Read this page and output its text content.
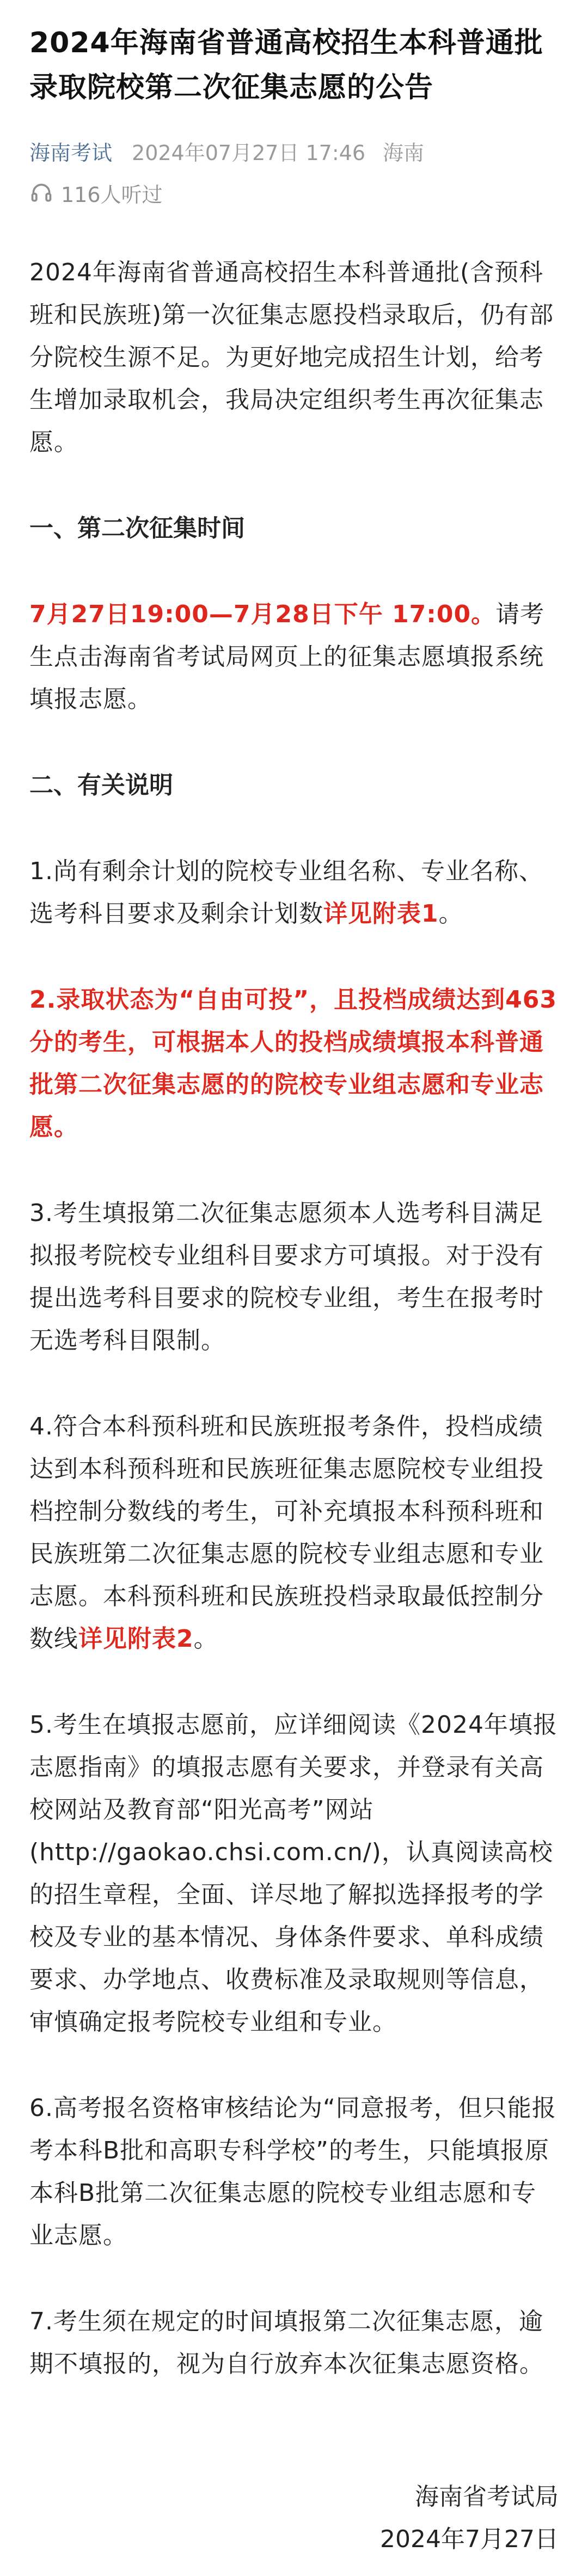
2024年海南省普通高校招生本科普通批录取院校第二次征集志愿的公告
海南考试 2024年07月27日 17:46 海南
116人听过

2024年海南省普通高校招生本科普通批(含预科班和民族班)第一次征集志愿投档录取后，仍有部分院校生源不足。为更好地完成招生计划，给考生增加录取机会，我局决定组织考生再次征集志愿。

一、第二次征集时间

7月27日19:00—7月28日下午 17:00。请考生点击海南省考试局网页上的征集志愿填报系统填报志愿。

二、有关说明

1.尚有剩余计划的院校专业组名称、专业名称、选考科目要求及剩余计划数详见附表1。

2.录取状态为“自由可投”，且投档成绩达到463分的考生，可根据本人的投档成绩填报本科普通批第二次征集志愿的的院校专业组志愿和专业志愿。

3.考生填报第二次征集志愿须本人选考科目满足拟报考院校专业组科目要求方可填报。对于没有提出选考科目要求的院校专业组，考生在报考时无选考科目限制。

4.符合本科预科班和民族班报考条件，投档成绩达到本科预科班和民族班征集志愿院校专业组投档控制分数线的考生，可补充填报本科预科班和民族班第二次征集志愿的院校专业组志愿和专业志愿。本科预科班和民族班投档录取最低控制分数线详见附表2。

5.考生在填报志愿前，应详细阅读《2024年填报志愿指南》的填报志愿有关要求，并登录有关高校网站及教育部“阳光高考”网站(http://gaokao.chsi.com.cn/)，认真阅读高校的招生章程，全面、详尽地了解拟选择报考的学校及专业的基本情况、身体条件要求、单科成绩要求、办学地点、收费标准及录取规则等信息，审慎确定报考院校专业组和专业。

6.高考报名资格审核结论为“同意报考，但只能报考本科B批和高职专科学校”的考生，只能填报原本科B批第二次征集志愿的院校专业组志愿和专业志愿。

7.考生须在规定的时间填报第二次征集志愿，逾期不填报的，视为自行放弃本次征集志愿资格。

海南省考试局
2024年7月27日
